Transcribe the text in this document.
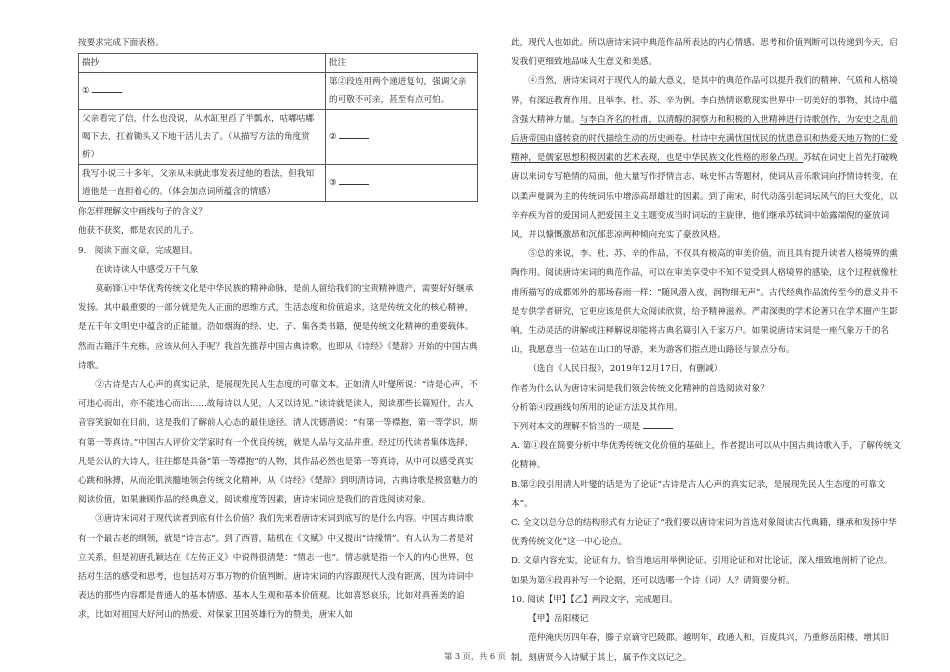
按要求完成下面表格。

揣抄	批注
①	第②段连用两个递进复句，强调父亲的可敬不可亲，甚至有点可怕。
父亲看完了信，什么也没说，从水缸里舀了半瓢水，咕嘟咕嘟喝下去，扛着锄头又下地干活儿去了。（从描写方法的角度赏析）	②
我写小说三十多年，父亲从未就此事发表过他的看法，但我知道他是一直担着心的。（体会加点词所蕴含的情感）	③

你怎样理解文中画线句子的含义？

他获不获奖，都是农民的儿子。

9.　阅读下面文章，完成题目。

在读诗读人中感受万千气象

莫砺锋①中华优秀传统文化是中华民族的精神命脉，是前人留给我们的宝贵精神遗产，需要好好继承发扬。其中最重要的一部分就是先人正面的思维方式，生活态度和价值追求，这是传统文化的核心精神，是五千年文明史中蕴含的正能量。浩如烟海的经、史、子、集各类书籍，便是传统文化精神的重要载体。然而古籍汗牛充栋，应该从何入手呢？我首先推荐中国古典诗歌，也即从《诗经》《楚辞》开始的中国古典诗歌。

②古诗是古人心声的真实记录，是展现先民人生态度的可靠文本。正如清人叶燮所说：“诗是心声，不可违心而出，亦不能违心而出……故每诗以人见，人又以诗见。”读诗就是读人，阅读那些长篇短什，古人音容笑貌如在目前，这是我们了解前人心态的最佳途径。清人沈德潜说：“有第一等襟抱，第一等学识，斯有第一等真诗。”中国古人评价文学家时有一个优良传统，就是人品与文品并重。经过历代读者集体选择，凡是公认的大诗人，往往都是具备“第一等襟抱”的人物，其作品必然也是第一等真诗，从中可以感受真实心跳和脉搏，从而沦肌浃髓地领会传统文化精神。从《诗经》《楚辞》到明清诗词，古典诗歌是极富魅力的阅读价值，如果兼顾作品的经典意义，阅读难度等因素，唐诗宋词应是我们的首选阅读对象。

③唐诗宋词对于现代读者到底有什么价值？我们先来看唐诗宋词到底写的是什么内容。中国古典诗歌有一个最古老的纲领，就是“诗言志”。到了西晋，陆机在《文赋》中又提出“诗缘情”。有人认为二者是对立关系，但是初唐孔颖达在《左传正义》中说得很清楚：“情志一也”。情志就是指一个人的内心世界，包括对生活的感受和思考，也包括对万事万物的价值判断。唐诗宋词的内容跟现代人没有距离，因为诗词中表达的那些内容都是普通人的基本情感、基本人生观和基本价值观。比如喜怒哀乐，比如对真善美的追求，比如对祖国大好河山的热爱、对保家卫国英雄行为的赞美，唐宋人如

此，现代人也如此。所以唐诗宋词中典范作品所表达的内心情感、思考和价值判断可以传递到今天，启发我们更细致地品味人生意义和美感。

④当然，唐诗宋词对于现代人的最大意义，是其中的典范作品可以提升我们的精神、气质和人格境界，有深远教育作用。且举李、杜、苏、辛为例。李白热情讴歌现实世界中一切美好的事物，其诗中蕴含强大精神力量。与李白齐名的杜甫，以清醇的洞察力和积极的入世精神进行诗歌创作，为安史之乱前后唐帝国由盛转衰的时代描绘生动的历史画卷。杜诗中充满忧国忧民的忧患意识和热爱天地万物的仁爱精神，是儒家思想积极因素的艺术表现，也是中华民族文化性格的形象凸现。苏轼在词史上首先打破晚唐以来词专写艳情的局面，他大量写作抒情言志、咏史怀古等题材，使词从音乐歌词向抒情诗转变，在以柔声曼调为主的传统词乐中增添高昂雄壮的因素。到了南宋，时代动荡引起词坛风气的巨大变化，以辛弃疾为首的爱国词人把爱国主义主题变成当时词坛的主旋律，他们继承苏轼词中始露端倪的豪放词风，并以慷慨激昂和沉郁悲凉两种倾向充实了豪放风格。

⑤总的来说，李、杜、苏、辛的作品，不仅具有极高的审美价值，而且具有提升读者人格境界的熏陶作用。阅读唐诗宋词的典范作品，可以在审美享受中不知不觉受到人格境界的感染，这个过程就像杜甫所描写的成都郊外的那场春雨一样：“随风潜入夜，润物细无声”。古代经典作品流传至今的意义并不是专供学者研究，它更应该是供大众阅读欣赏，给予精神滋养。严肃深奥的学术论著只在学术圈产生影响，生动灵活的讲解或注释解说却能将古典名篇引入千家万户。如果说唐诗宋词是一座气象万千的名山，我愿意当一位站在山口的导游，来为游客们指点进山路径与景点分布。

（选自《人民日报》，2019年12月17日，有删减）

作者为什么认为唐诗宋词是我们领会传统文化精神的首选阅读对象？

分析第④段画线句所用的论证方法及其作用。

下列对本文的理解不恰当的一项是

A. 第①段在简要分析中华优秀传统文化价值的基础上，作者提出可以从中国古典诗歌入手，了解传统文化精神。

B.第②段引用清人叶燮的话是为了论证“古诗是古人心声的真实记录，是展现先民人生态度的可靠文本”。

C. 全文以总分总的结构形式有力论证了“我们要以唐诗宋词为首选对象阅读古代典籍，继承和发扬中华优秀传统文化”这一中心论点。

D. 文章内容充实，论证有力，恰当地运用举例论证、引用论证和对比论证，深入细致地剖析了论点。

如果为第④段再补写一个论据，还可以选哪一个诗（词）人？请简要分析。

10. 阅读【甲】【乙】两段文字，完成题目。

【甲】岳阳楼记

范仲淹庆历四年春，滕子京谪守巴陵郡。越明年，政通人和，百废具兴，乃重修岳阳楼，增其旧制，刻唐贤今人诗赋于其上，属予作文以记之。

第 3 页，共 6 页
